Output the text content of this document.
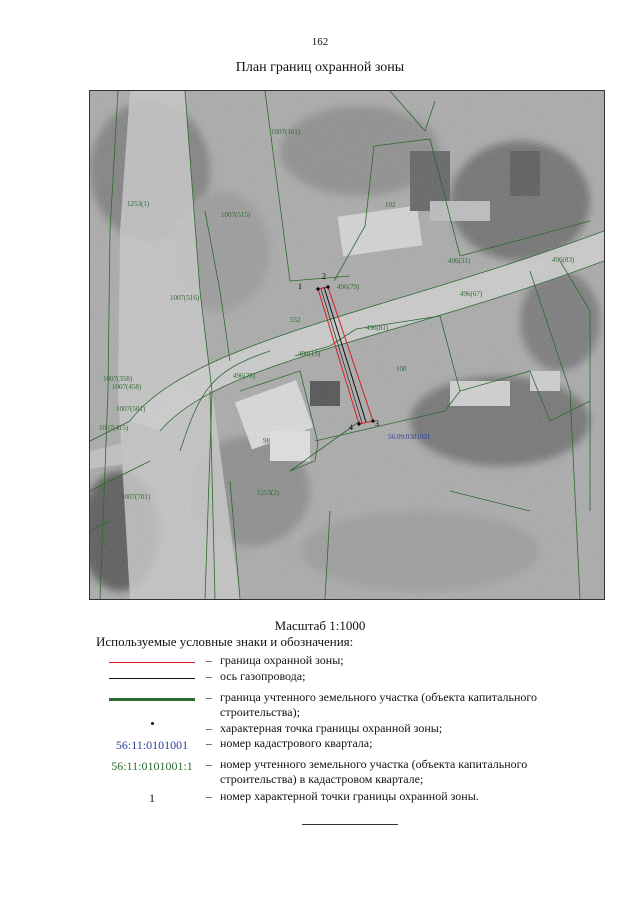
162
План границ охранной зоны
1
2
3
4
1007(161)
1253(1)
1007(515)
102
496(31)	496(83)
496(79)
496(67)
1007(516)
552
496(81)
496(15)
100
1007(358)
1007(458)
496(78)
1007(501)
1007(415)
98
1007(701)	1253(2)
56:09:0301001
Масштаб 1:1000
Используемые условные знаки и обозначения:
– граница охранной зоны;
– ось газопровода;
– граница учтенного земельного участка (объекта капитального строительства);
– характерная точка границы охранной зоны;
56:11:0101001 – номер кадастрового квартала;
56:11:0101001:1 – номер учтенного земельного участка (объекта капитального строительства) в кадастровом квартале;
1	– номер характерной точки границы охранной зоны.
